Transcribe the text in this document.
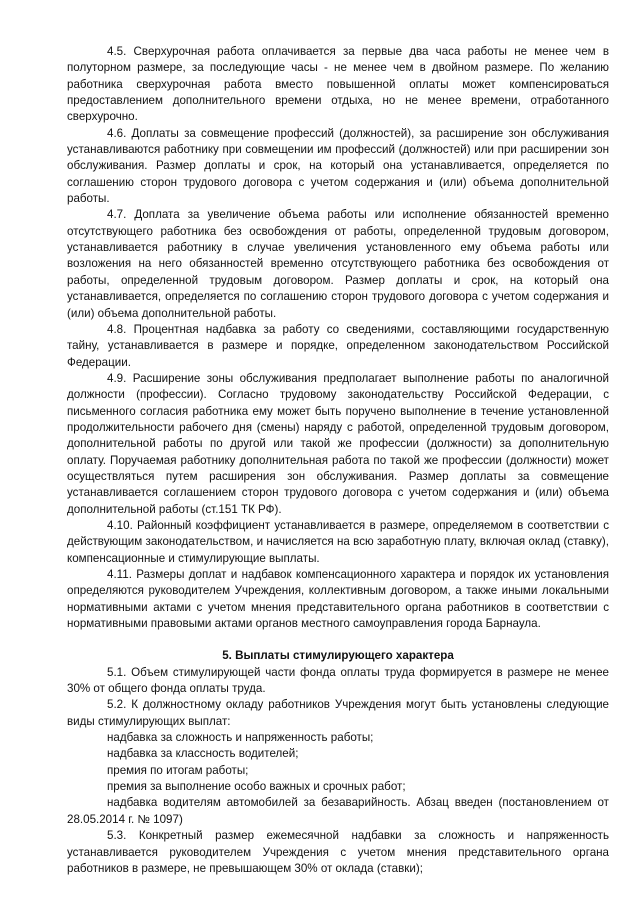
4.5. Сверхурочная работа оплачивается за первые два часа работы не менее чем в полуторном размере, за последующие часы - не менее чем в двойном размере. По желанию работника сверхурочная работа вместо повышенной оплаты может компенсироваться предоставлением дополнительного времени отдыха, но не менее времени, отработанного сверхурочно.

4.6. Доплаты за совмещение профессий (должностей), за расширение зон обслуживания устанавливаются работнику при совмещении им профессий (должностей) или при расширении зон обслуживания. Размер доплаты и срок, на который она устанавливается, определяется по соглашению сторон трудового договора с учетом содержания и (или) объема дополнительной работы.

4.7. Доплата за увеличение объема работы или исполнение обязанностей временно отсутствующего работника без освобождения от работы, определенной трудовым договором, устанавливается работнику в случае увеличения установленного ему объема работы или возложения на него обязанностей временно отсутствующего работника без освобождения от работы, определенной трудовым договором. Размер доплаты и срок, на который она устанавливается, определяется по соглашению сторон трудового договора с учетом содержания и (или) объема дополнительной работы.

4.8. Процентная надбавка за работу со сведениями, составляющими государственную тайну, устанавливается в размере и порядке, определенном законодательством Российской Федерации.

4.9. Расширение зоны обслуживания предполагает выполнение работы по аналогичной должности (профессии). Согласно трудовому законодательству Российской Федерации, с письменного согласия работника ему может быть поручено выполнение в течение установленной продолжительности рабочего дня (смены) наряду с работой, определенной трудовым договором, дополнительной работы по другой или такой же профессии (должности) за дополнительную оплату. Поручаемая работнику дополнительная работа по такой же профессии (должности) может осуществляться путем расширения зон обслуживания. Размер доплаты за совмещение устанавливается соглашением сторон трудового договора с учетом содержания и (или) объема дополнительной работы (ст.151 ТК РФ).

4.10. Районный коэффициент устанавливается в размере, определяемом в соответствии с действующим законодательством, и начисляется на всю заработную плату, включая оклад (ставку), компенсационные и стимулирующие выплаты.

4.11. Размеры доплат и надбавок компенсационного характера и порядок их установления определяются руководителем Учреждения, коллективным договором, а также иными локальными нормативными актами с учетом мнения представительного органа работников в соответствии с нормативными правовыми актами органов местного самоуправления города Барнаула.

5. Выплаты стимулирующего характера

5.1. Объем стимулирующей части фонда оплаты труда формируется в размере не менее 30% от общего фонда оплаты труда.

5.2. К должностному окладу работников Учреждения могут быть установлены следующие виды стимулирующих выплат:

надбавка за сложность и напряженность работы;

надбавка за классность водителей;

премия по итогам работы;

премия за выполнение особо важных и срочных работ;

надбавка водителям автомобилей за безаварийность. Абзац введен (постановлением от 28.05.2014 г. № 1097)

5.3. Конкретный размер ежемесячной надбавки за сложность и напряженность устанавливается руководителем Учреждения с учетом мнения представительного органа работников в размере, не превышающем 30% от оклада (ставки);
